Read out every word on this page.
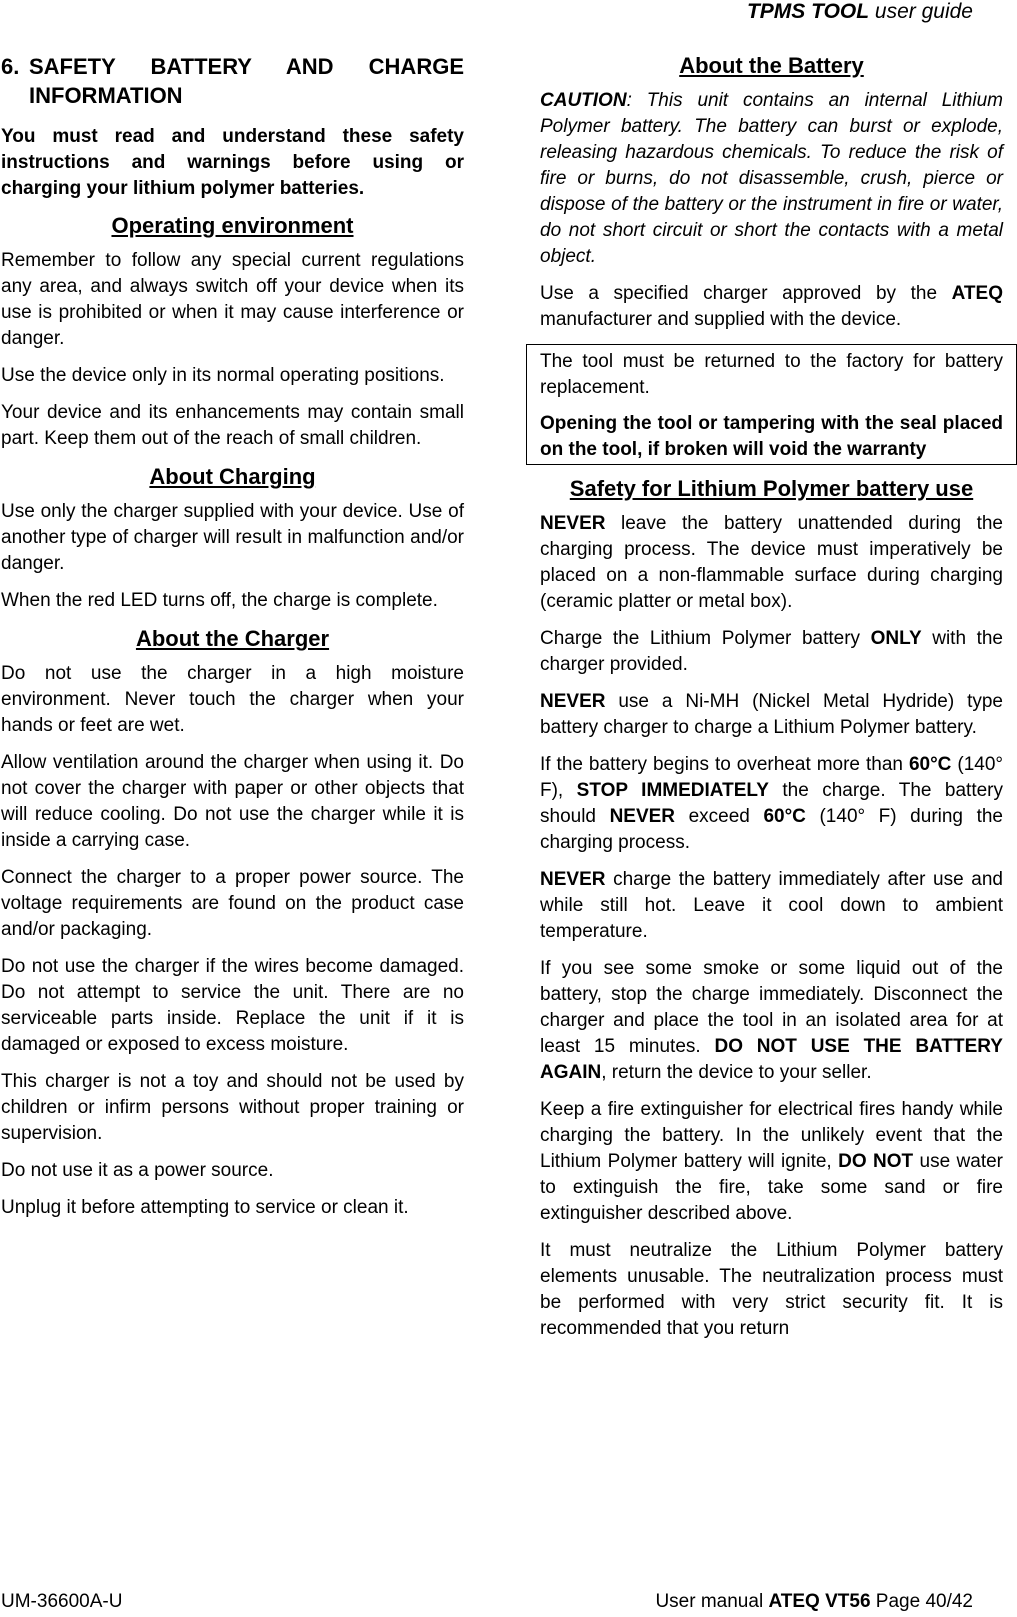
TPMS TOOL user guide
6. SAFETY BATTERY AND CHARGE INFORMATION

You must read and understand these safety instructions and warnings before using or charging your lithium polymer batteries.

Operating environment

Remember to follow any special current regulations any area, and always switch off your device when its use is prohibited or when it may cause interference or danger.

Use the device only in its normal operating positions.

Your device and its enhancements may contain small part. Keep them out of the reach of small children.

About Charging

Use only the charger supplied with your device. Use of another type of charger will result in malfunction and/or danger.

When the red LED turns off, the charge is complete.

About the Charger

Do not use the charger in a high moisture environment. Never touch the charger when your hands or feet are wet.

Allow ventilation around the charger when using it. Do not cover the charger with paper or other objects that will reduce cooling. Do not use the charger while it is inside a carrying case.

Connect the charger to a proper power source. The voltage requirements are found on the product case and/or packaging.

Do not use the charger if the wires become damaged. Do not attempt to service the unit. There are no serviceable parts inside. Replace the unit if it is damaged or exposed to excess moisture.

This charger is not a toy and should not be used by children or infirm persons without proper training or supervision.

Do not use it as a power source.

Unplug it before attempting to service or clean it.

About the Battery

CAUTION: This unit contains an internal Lithium Polymer battery. The battery can burst or explode, releasing hazardous chemicals. To reduce the risk of fire or burns, do not disassemble, crush, pierce or dispose of the battery or the instrument in fire or water, do not short circuit or short the contacts with a metal object.

Use a specified charger approved by the ATEQ manufacturer and supplied with the device.

The tool must be returned to the factory for battery replacement.

Opening the tool or tampering with the seal placed on the tool, if broken will void the warranty

Safety for Lithium Polymer battery use

NEVER leave the battery unattended during the charging process. The device must imperatively be placed on a non-flammable surface during charging (ceramic platter or metal box).

Charge the Lithium Polymer battery ONLY with the charger provided.

NEVER use a Ni-MH (Nickel Metal Hydride) type battery charger to charge a Lithium Polymer battery.

If the battery begins to overheat more than 60°C (140° F), STOP IMMEDIATELY the charge. The battery should NEVER exceed 60°C (140° F) during the charging process.

NEVER charge the battery immediately after use and while still hot. Leave it cool down to ambient temperature.

If you see some smoke or some liquid out of the battery, stop the charge immediately. Disconnect the charger and place the tool in an isolated area for at least 15 minutes. DO NOT USE THE BATTERY AGAIN, return the device to your seller.

Keep a fire extinguisher for electrical fires handy while charging the battery. In the unlikely event that the Lithium Polymer battery will ignite, DO NOT use water to extinguish the fire, take some sand or fire extinguisher described above.

It must neutralize the Lithium Polymer battery elements unusable. The neutralization process must be performed with very strict security fit. It is recommended that you return

UM-36600A-U	User manual ATEQ VT56 Page 40/42
